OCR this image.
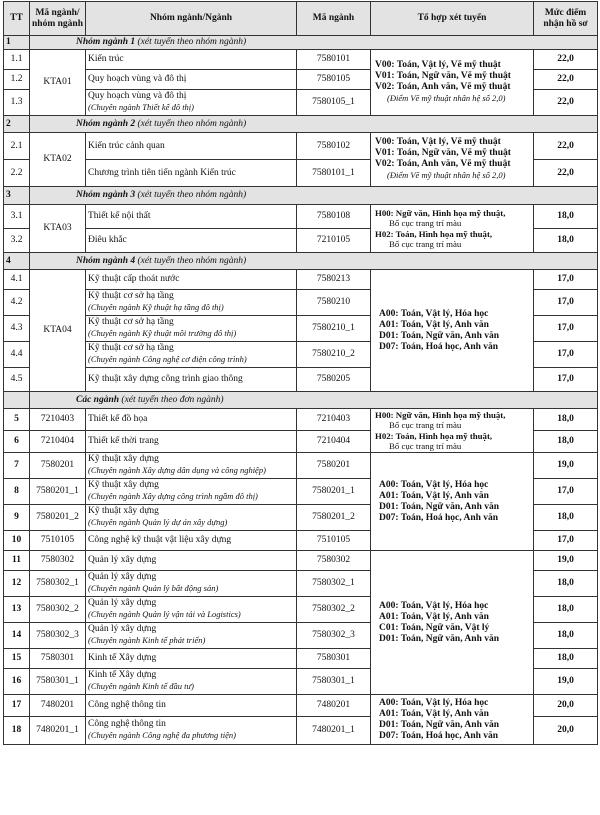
TT	Mã ngành/
nhóm ngành	Nhóm ngành/Ngành	Mã ngành	Tổ hợp xét tuyển	Mức điểm
nhận hồ sơ
1	Nhóm ngành 1 (xét tuyển theo nhóm ngành)				
1.1	KTA01	Kiến trúc	7580101	V00: Toán, Vật lý, Vẽ mỹ thuật
V01: Toán, Ngữ văn, Vẽ mỹ thuật
V02: Toán, Anh văn, Vẽ mỹ thuật
(Điểm Vẽ mỹ thuật nhân hệ số 2,0)	22,0
1.2		Quy hoạch vùng và đô thị	7580105		22,0
1.3		Quy hoạch vùng và đô thị
(Chuyên ngành Thiết kế đô thị)	7580105_1		22,0
2	Nhóm ngành 2 (xét tuyển theo nhóm ngành)				
2.1	KTA02	Kiến trúc cảnh quan	7580102	V00: Toán, Vật lý, Vẽ mỹ thuật
V01: Toán, Ngữ văn, Vẽ mỹ thuật
V02: Toán, Anh văn, Vẽ mỹ thuật
(Điểm Vẽ mỹ thuật nhân hệ số 2,0)	22,0
2.2		Chương trình tiên tiến ngành Kiến trúc	7580101_1		22,0
3	Nhóm ngành 3 (xét tuyển theo nhóm ngành)				
3.1	KTA03	Thiết kế nội thất	7580108	H00: Ngữ văn, Hình họa mỹ thuật,
Bố cục trang trí màu
H02: Toán, Hình họa mỹ thuật,
Bố cục trang trí màu	18,0
3.2		Điêu khắc	7210105		18,0
4	Nhóm ngành 4 (xét tuyển theo nhóm ngành)				
4.1	KTA04	Kỹ thuật cấp thoát nước	7580213	A00: Toán, Vật lý, Hóa học
A01: Toán, Vật lý, Anh văn
D01: Toán, Ngữ văn, Anh văn
D07: Toán, Hoá học, Anh văn	17,0
4.2		Kỹ thuật cơ sở hạ tầng
(Chuyên ngành Kỹ thuật hạ tầng đô thị)	7580210		17,0
4.3		Kỹ thuật cơ sở hạ tầng
(Chuyên ngành Kỹ thuật môi trường đô thị)	7580210_1		17,0
4.4		Kỹ thuật cơ sở hạ tầng
(Chuyên ngành Công nghệ cơ điện công trình)	7580210_2		17,0
4.5		Kỹ thuật xây dựng công trình giao thông	7580205		17,0
	Các ngành (xét tuyển theo đơn ngành)				
5	7210403	Thiết kế đồ họa	7210403	H00: Ngữ văn, Hình họa mỹ thuật,
Bố cục trang trí màu
H02: Toán, Hình họa mỹ thuật,
Bố cục trang trí màu	18,0
6	7210404	Thiết kế thời trang	7210404		18,0
7	7580201	Kỹ thuật xây dựng
(Chuyên ngành Xây dựng dân dụng và công nghiệp)	7580201	A00: Toán, Vật lý, Hóa học
A01: Toán, Vật lý, Anh văn
D01: Toán, Ngữ văn, Anh văn
D07: Toán, Hoá học, Anh văn	19,0
8	7580201_1	Kỹ thuật xây dựng
(Chuyên ngành Xây dựng công trình ngầm đô thị)	7580201_1		17,0
9	7580201_2	Kỹ thuật xây dựng
(Chuyên ngành Quản lý dự án xây dựng)	7580201_2		18,0
10	7510105	Công nghệ kỹ thuật vật liệu xây dựng	7510105		17,0
11	7580302	Quản lý xây dựng	7580302	A00: Toán, Vật lý, Hóa học
A01: Toán, Vật lý, Anh văn
C01: Toán, Ngữ văn, Vật lý
D01: Toán, Ngữ văn, Anh văn	19,0
12	7580302_1	Quản lý xây dựng
(Chuyên ngành Quản lý bất động sản)	7580302_1		18,0
13	7580302_2	Quản lý xây dựng
(Chuyên ngành Quản lý vận tải và Logistics)	7580302_2		18,0
14	7580302_3	Quản lý xây dựng
(Chuyên ngành Kinh tế phát triển)	7580302_3		18,0
15	7580301	Kinh tế Xây dựng	7580301		18,0
16	7580301_1	Kinh tế Xây dựng
(Chuyên ngành Kinh tế đầu tư)	7580301_1		19,0
17	7480201	Công nghệ thông tin	7480201	A00: Toán, Vật lý, Hóa học
A01: Toán, Vật lý, Anh văn
D01: Toán, Ngữ văn, Anh văn
D07: Toán, Hoá học, Anh văn	20,0
18	7480201_1	Công nghệ thông tin
(Chuyên ngành Công nghệ đa phương tiện)	7480201_1		20,0
